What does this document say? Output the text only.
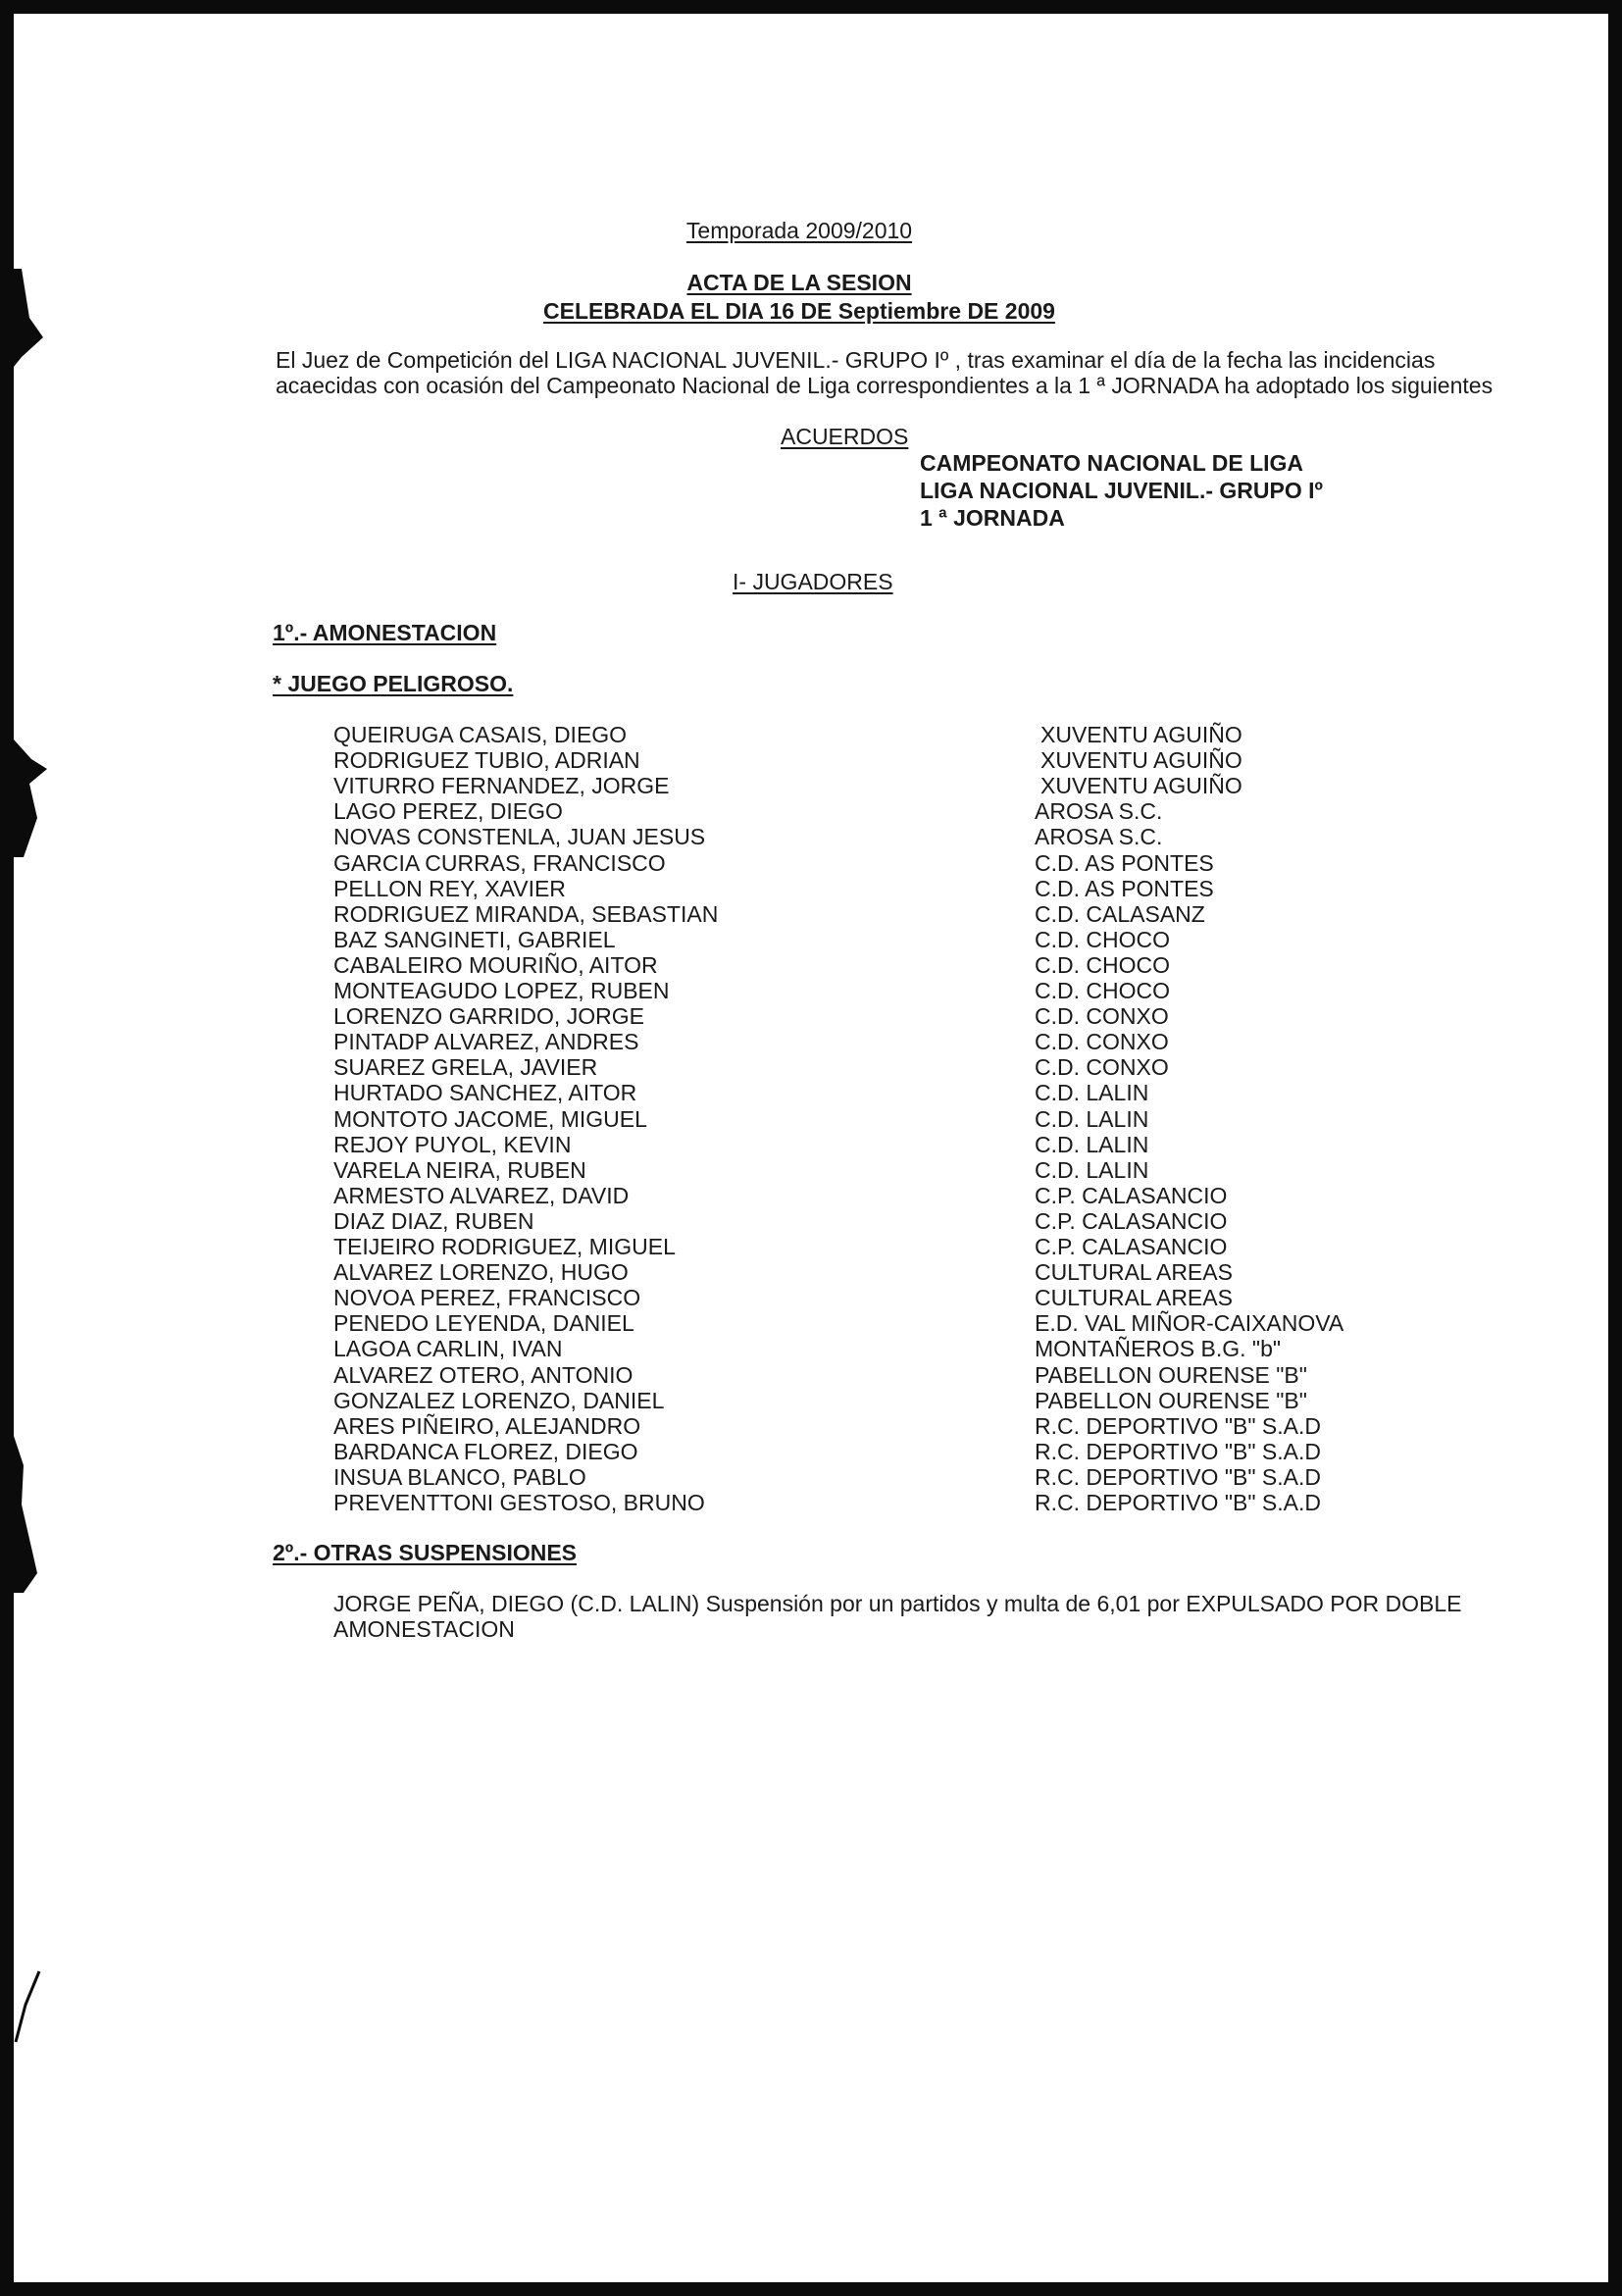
Temporada 2009/2010
ACTA DE LA SESION
CELEBRADA EL DIA 16 DE Septiembre DE 2009
El Juez de Competición del LIGA NACIONAL JUVENIL.- GRUPO Iº , tras examinar el día de la fecha las incidencias
acaecidas con ocasión del Campeonato Nacional de Liga correspondientes a la 1 ª JORNADA ha adoptado los siguientes
ACUERDOS
CAMPEONATO NACIONAL DE LIGA
LIGA NACIONAL JUVENIL.- GRUPO Iº
1 ª JORNADA
I- JUGADORES
1º.- AMONESTACION
* JUEGO PELIGROSO.
QUEIRUGA CASAIS, DIEGO	XUVENTU AGUIÑO
RODRIGUEZ TUBIO, ADRIAN	XUVENTU AGUIÑO
VITURRO FERNANDEZ, JORGE	XUVENTU AGUIÑO
LAGO PEREZ, DIEGO	AROSA S.C.
NOVAS CONSTENLA, JUAN JESUS	AROSA S.C.
GARCIA CURRAS, FRANCISCO	C.D. AS PONTES
PELLON REY, XAVIER	C.D. AS PONTES
RODRIGUEZ MIRANDA, SEBASTIAN	C.D. CALASANZ
BAZ SANGINETI, GABRIEL	C.D. CHOCO
CABALEIRO MOURIÑO, AITOR	C.D. CHOCO
MONTEAGUDO LOPEZ, RUBEN	C.D. CHOCO
LORENZO GARRIDO, JORGE	C.D. CONXO
PINTADP ALVAREZ, ANDRES	C.D. CONXO
SUAREZ GRELA, JAVIER	C.D. CONXO
HURTADO SANCHEZ, AITOR	C.D. LALIN
MONTOTO JACOME, MIGUEL	C.D. LALIN
REJOY PUYOL, KEVIN	C.D. LALIN
VARELA NEIRA, RUBEN	C.D. LALIN
ARMESTO ALVAREZ, DAVID	C.P. CALASANCIO
DIAZ DIAZ, RUBEN	C.P. CALASANCIO
TEIJEIRO RODRIGUEZ, MIGUEL	C.P. CALASANCIO
ALVAREZ LORENZO, HUGO	CULTURAL AREAS
NOVOA PEREZ, FRANCISCO	CULTURAL AREAS
PENEDO LEYENDA, DANIEL	E.D. VAL MIÑOR-CAIXANOVA
LAGOA CARLIN, IVAN	MONTAÑEROS B.G. "b"
ALVAREZ OTERO, ANTONIO	PABELLON OURENSE "B"
GONZALEZ LORENZO, DANIEL	PABELLON OURENSE "B"
ARES PIÑEIRO, ALEJANDRO	R.C. DEPORTIVO "B" S.A.D
BARDANCA FLOREZ, DIEGO	R.C. DEPORTIVO "B" S.A.D
INSUA BLANCO, PABLO	R.C. DEPORTIVO "B" S.A.D
PREVENTTONI GESTOSO, BRUNO	R.C. DEPORTIVO "B" S.A.D
2º.- OTRAS SUSPENSIONES
JORGE PEÑA, DIEGO (C.D. LALIN) Suspensión por un partidos y multa de 6,01 por EXPULSADO POR DOBLE
AMONESTACION
